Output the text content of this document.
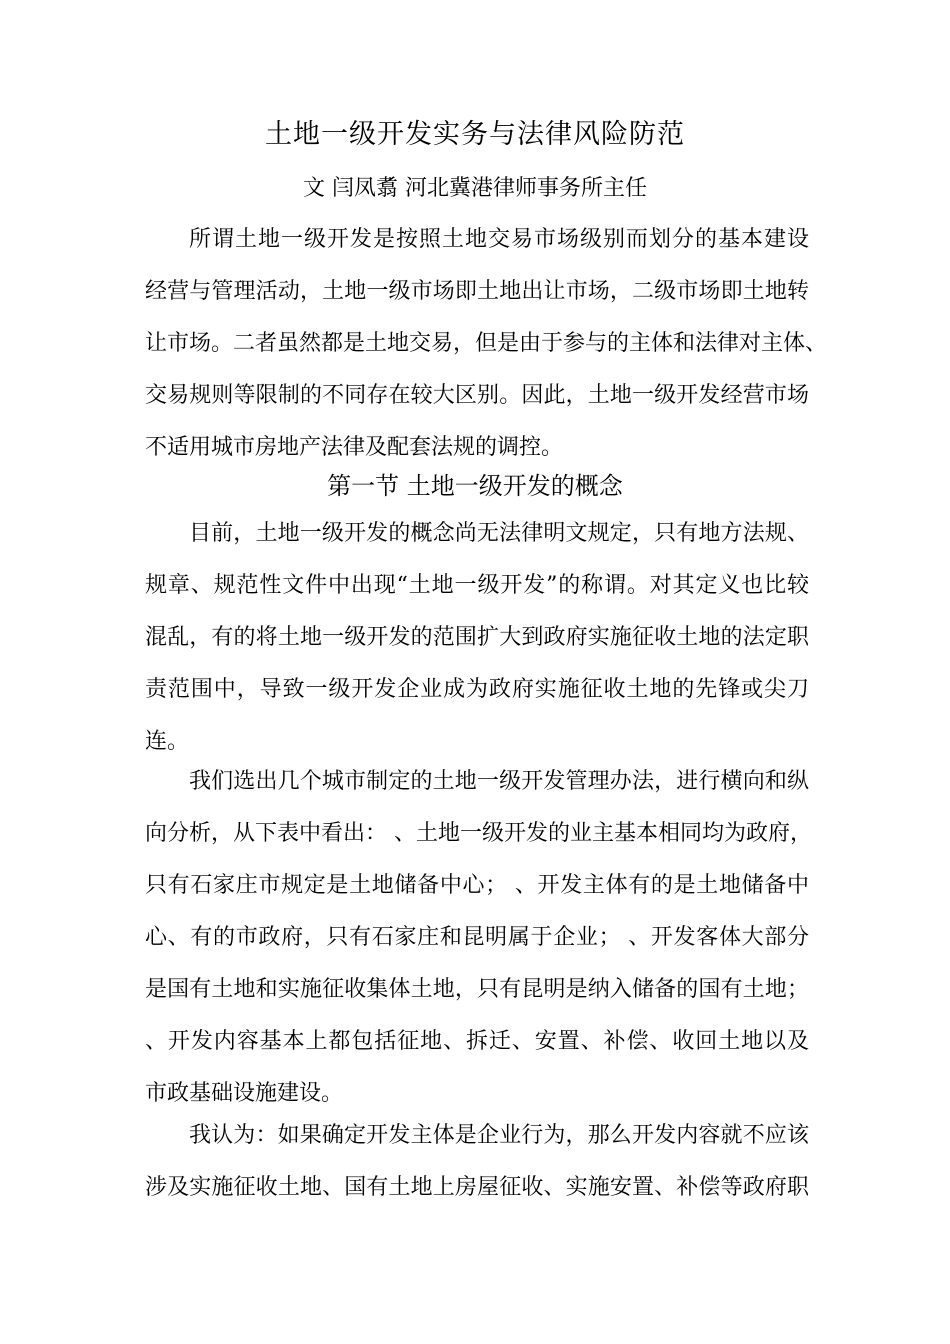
土地一级开发实务与法律风险防范
文 闫凤翥 河北冀港律师事务所主任
所谓土地一级开发是按照土地交易市场级别而划分的基本建设
经营与管理活动，土地一级市场即土地出让市场，二级市场即土地转
让市场。二者虽然都是土地交易，但是由于参与的主体和法律对主体、
交易规则等限制的不同存在较大区别。因此，土地一级开发经营市场
不适用城市房地产法律及配套法规的调控。
第一节 土地一级开发的概念
目前，土地一级开发的概念尚无法律明文规定，只有地方法规、
规章、规范性文件中出现“土地一级开发”的称谓。对其定义也比较
混乱，有的将土地一级开发的范围扩大到政府实施征收土地的法定职
责范围中，导致一级开发企业成为政府实施征收土地的先锋或尖刀
连。
我们选出几个城市制定的土地一级开发管理办法，进行横向和纵
向分析，从下表中看出： 、土地一级开发的业主基本相同均为政府，
只有石家庄市规定是土地储备中心； 、开发主体有的是土地储备中
心、有的市政府，只有石家庄和昆明属于企业； 、开发客体大部分
是国有土地和实施征收集体土地，只有昆明是纳入储备的国有土地；
、开发内容基本上都包括征地、拆迁、安置、补偿、收回土地以及
市政基础设施建设。
我认为：如果确定开发主体是企业行为，那么开发内容就不应该
涉及实施征收土地、国有土地上房屋征收、实施安置、补偿等政府职
